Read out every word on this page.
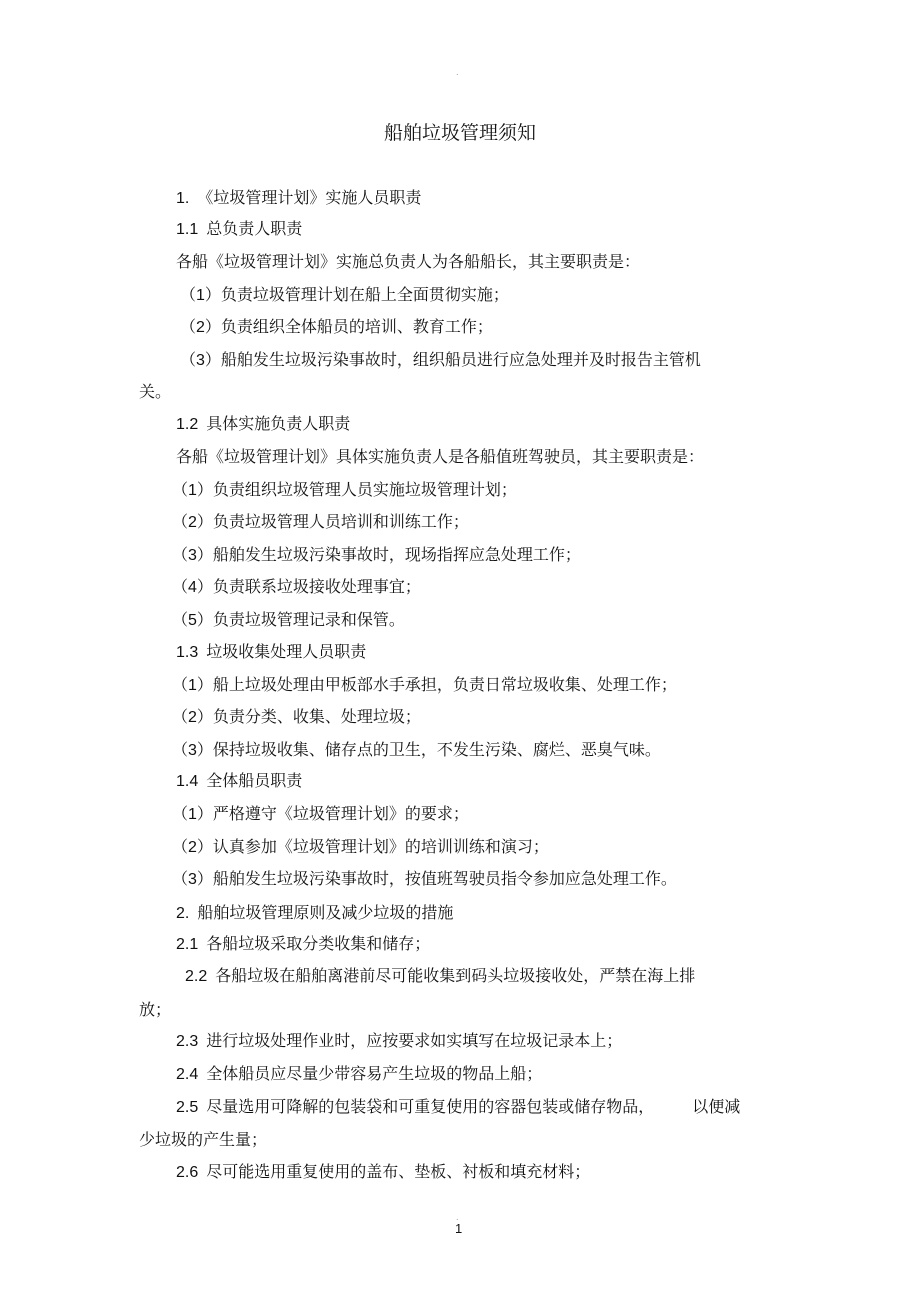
.
船舶垃圾管理须知
1. 《垃圾管理计划》实施人员职责
1.1 总负责人职责
各船《垃圾管理计划》实施总负责人为各船船长，其主要职责是：
（1）负责垃圾管理计划在船上全面贯彻实施；
（2）负责组织全体船员的培训、教育工作；
（3）船舶发生垃圾污染事故时，组织船员进行应急处理并及时报告主管机
关。
1.2 具体实施负责人职责
各船《垃圾管理计划》具体实施负责人是各船值班驾驶员，其主要职责是：
（1）负责组织垃圾管理人员实施垃圾管理计划；
（2）负责垃圾管理人员培训和训练工作；
（3）船舶发生垃圾污染事故时，现场指挥应急处理工作；
（4）负责联系垃圾接收处理事宜；
（5）负责垃圾管理记录和保管。
1.3 垃圾收集处理人员职责
（1）船上垃圾处理由甲板部水手承担，负责日常垃圾收集、处理工作；
（2）负责分类、收集、处理垃圾；
（3）保持垃圾收集、储存点的卫生，不发生污染、腐烂、恶臭气味。
1.4 全体船员职责
（1）严格遵守《垃圾管理计划》的要求；
（2）认真参加《垃圾管理计划》的培训训练和演习；
（3）船舶发生垃圾污染事故时，按值班驾驶员指令参加应急处理工作。
2. 船舶垃圾管理原则及减少垃圾的措施
2.1 各船垃圾采取分类收集和储存；
2.2 各船垃圾在船舶离港前尽可能收集到码头垃圾接收处，严禁在海上排
放；
2.3 进行垃圾处理作业时，应按要求如实填写在垃圾记录本上；
2.4 全体船员应尽量少带容易产生垃圾的物品上船；
2.5 尽量选用可降解的包装袋和可重复使用的容器包装或储存物品， 以便减
少垃圾的产生量；
2.6 尽可能选用重复使用的盖布、垫板、衬板和填充材料；
.
1
